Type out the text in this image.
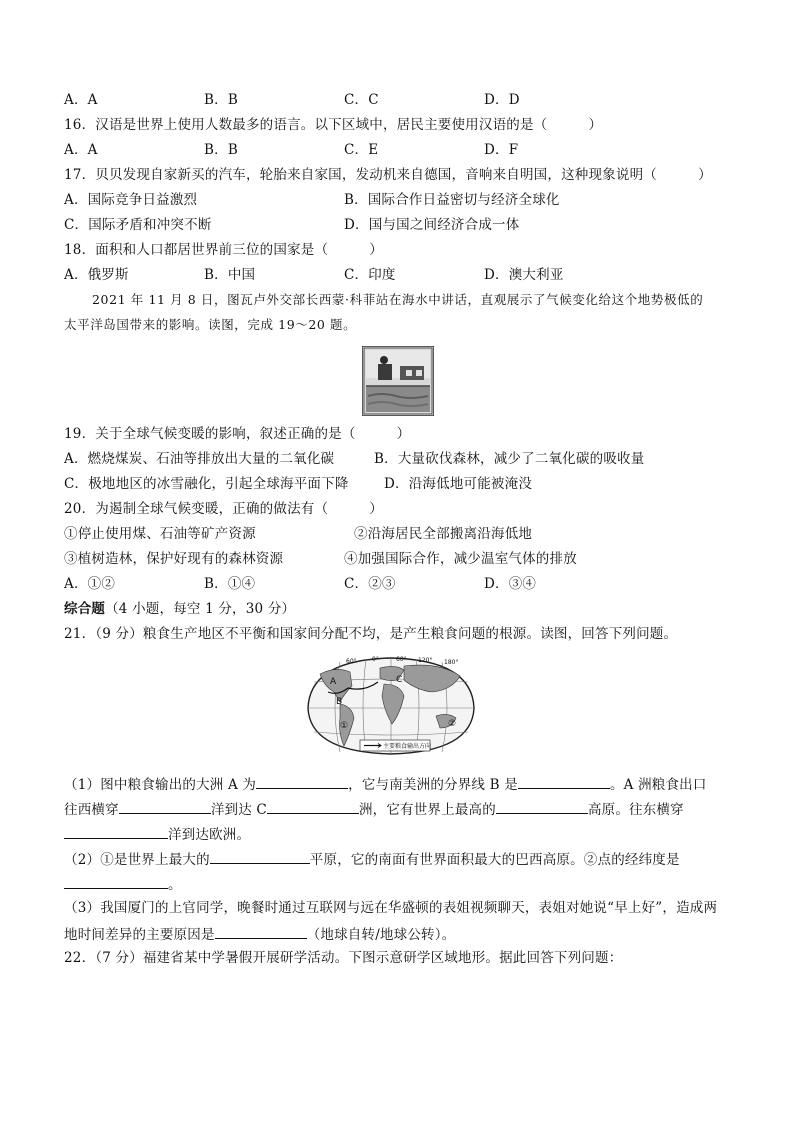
A．A	B．B	C．C	D．D
16．汉语是世界上使用人数最多的语言。以下区域中，居民主要使用汉语的是（　　　）
A．A	B．B	C．E	D．F
17．贝贝发现自家新买的汽车，轮胎来自家国，发动机来自德国，音响来自明国，这种现象说明（　　　）
A．国际竞争日益激烈	B．国际合作日益密切与经济全球化
C．国际矛盾和冲突不断	D．国与国之间经济合成一体
18．面积和人口都居世界前三位的国家是（　　　）
A．俄罗斯	B．中国	C．印度	D．澳大利亚
2021 年 11 月 8 日，图瓦卢外交部长西蒙·科菲站在海水中讲话，直观展示了气候变化给这个地势极低的
太平洋岛国带来的影响。读图，完成 19～20 题。
19．关于全球气候变暖的影响，叙述正确的是（　　　）
A．燃烧煤炭、石油等排放出大量的二氧化碳	B．大量砍伐森林，减少了二氧化碳的吸收量
C．极地地区的冰雪融化，引起全球海平面下降	D．沿海低地可能被淹没
20．为遏制全球气候变暖，正确的做法有（　　　）
①停止使用煤、石油等矿产资源	②沿海居民全部搬离沿海低地
③植树造林，保护好现有的森林资源	④加强国际合作，减少温室气体的排放
A．①②	B．①④	C．②③	D．③④
综合题（4 小题，每空 1 分，30 分）
21．（9 分）粮食生产地区不平衡和国家间分配不均，是产生粮食问题的根源。读图，回答下列问题。
60°	0°	60° 120° 180°
C
A
B
①	②
主要粮食输出方向
（1）图中粮食输出的大洲 A 为	，它与南美洲的分界线 B 是	。A 洲粮食出口
往西横穿	洋到达 C	洲，它有世界上最高的	高原。往东横穿
洋到达欧洲。
（2）①是世界上最大的	平原，它的南面有世界面积最大的巴西高原。②点的经纬度是
。
（3）我国厦门的上官同学，晚餐时通过互联网与远在华盛顿的表姐视频聊天，表姐对她说“早上好”，造成两
地时间差异的主要原因是	（地球自转/地球公转）。
22．（7 分）福建省某中学暑假开展研学活动。下图示意研学区域地形。据此回答下列问题：
